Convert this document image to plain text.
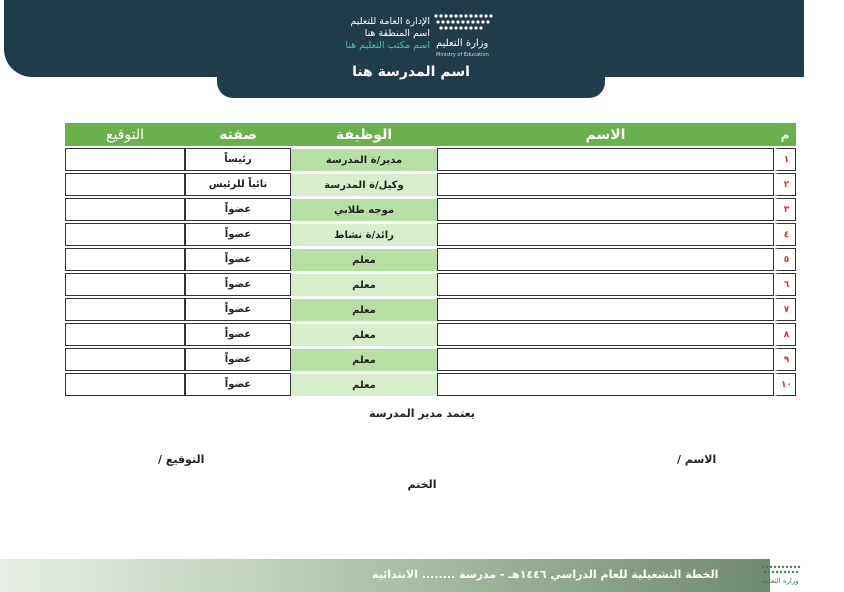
اسم المدرسة هنا
وزارة التعليم
Ministry of Education
الإدارة العامة للتعليم
اسم المنطقة هنا
اسم مكتب التعليم هنا
م	الاسم	الوظيفة	صفته	التوقيع
١		مدير/ة المدرسة	رئيساً	
٢		وكيل/ة المدرسة	نائباً للرئيس	
٣		موجه طلابي	عضواً	
٤		رائد/ة نشاط	عضواً	
٥		معلم	عضواً	
٦		معلم	عضواً	
٧		معلم	عضواً	
٨		معلم	عضواً	
٩		معلم	عضواً	
١٠		معلم	عضواً	
يعتمد مدير المدرسة
الاسم /
التوقيع /
الختم
الخطة التشغيلية للعام الدراسي ١٤٤٦هـ - مدرسة ........ الابتدائية	وزارة التعليم
